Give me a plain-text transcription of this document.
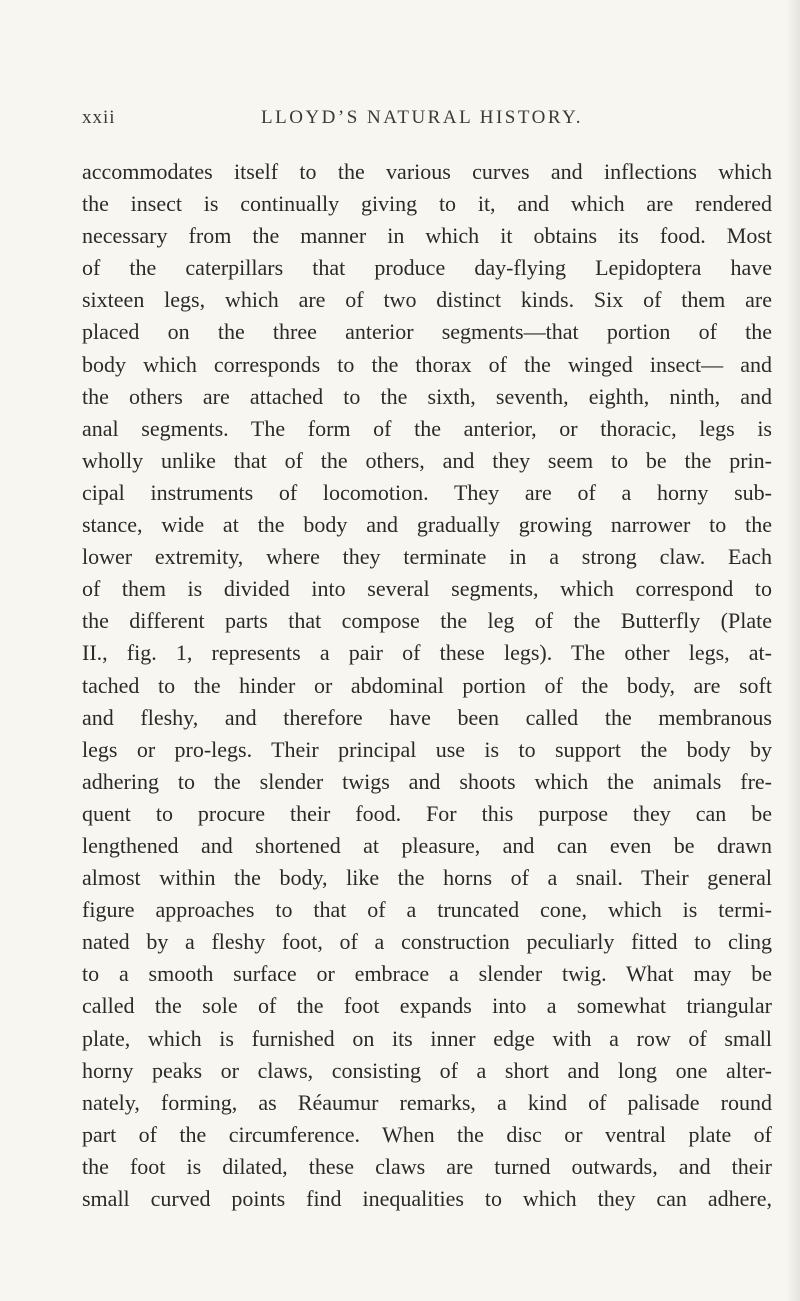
xxii	LLOYD’S NATURAL HISTORY.
accommodates itself to the various curves and inflections which
the insect is continually giving to it, and which are rendered
necessary from the manner in which it obtains its food. Most
of the caterpillars that produce day-flying Lepidoptera have
sixteen legs, which are of two distinct kinds. Six of them are
placed on the three anterior segments—that portion of the
body which corresponds to the thorax of the winged insect— and
the others are attached to the sixth, seventh, eighth, ninth, and
anal segments. The form of the anterior, or thoracic, legs is
wholly unlike that of the others, and they seem to be the prin-
cipal instruments of locomotion. They are of a horny sub-
stance, wide at the body and gradually growing narrower to the
lower extremity, where they terminate in a strong claw. Each
of them is divided into several segments, which correspond to
the different parts that compose the leg of the Butterfly (Plate
II., fig. 1, represents a pair of these legs). The other legs, at-
tached to the hinder or abdominal portion of the body, are soft
and fleshy, and therefore have been called the membranous
legs or pro-legs. Their principal use is to support the body by
adhering to the slender twigs and shoots which the animals fre-
quent to procure their food. For this purpose they can be
lengthened and shortened at pleasure, and can even be drawn
almost within the body, like the horns of a snail. Their general
figure approaches to that of a truncated cone, which is termi-
nated by a fleshy foot, of a construction peculiarly fitted to cling
to a smooth surface or embrace a slender twig. What may be
called the sole of the foot expands into a somewhat triangular
plate, which is furnished on its inner edge with a row of small
horny peaks or claws, consisting of a short and long one alter-
nately, forming, as Réaumur remarks, a kind of palisade round
part of the circumference. When the disc or ventral plate of
the foot is dilated, these claws are turned outwards, and their
small curved points find inequalities to which they can adhere,
